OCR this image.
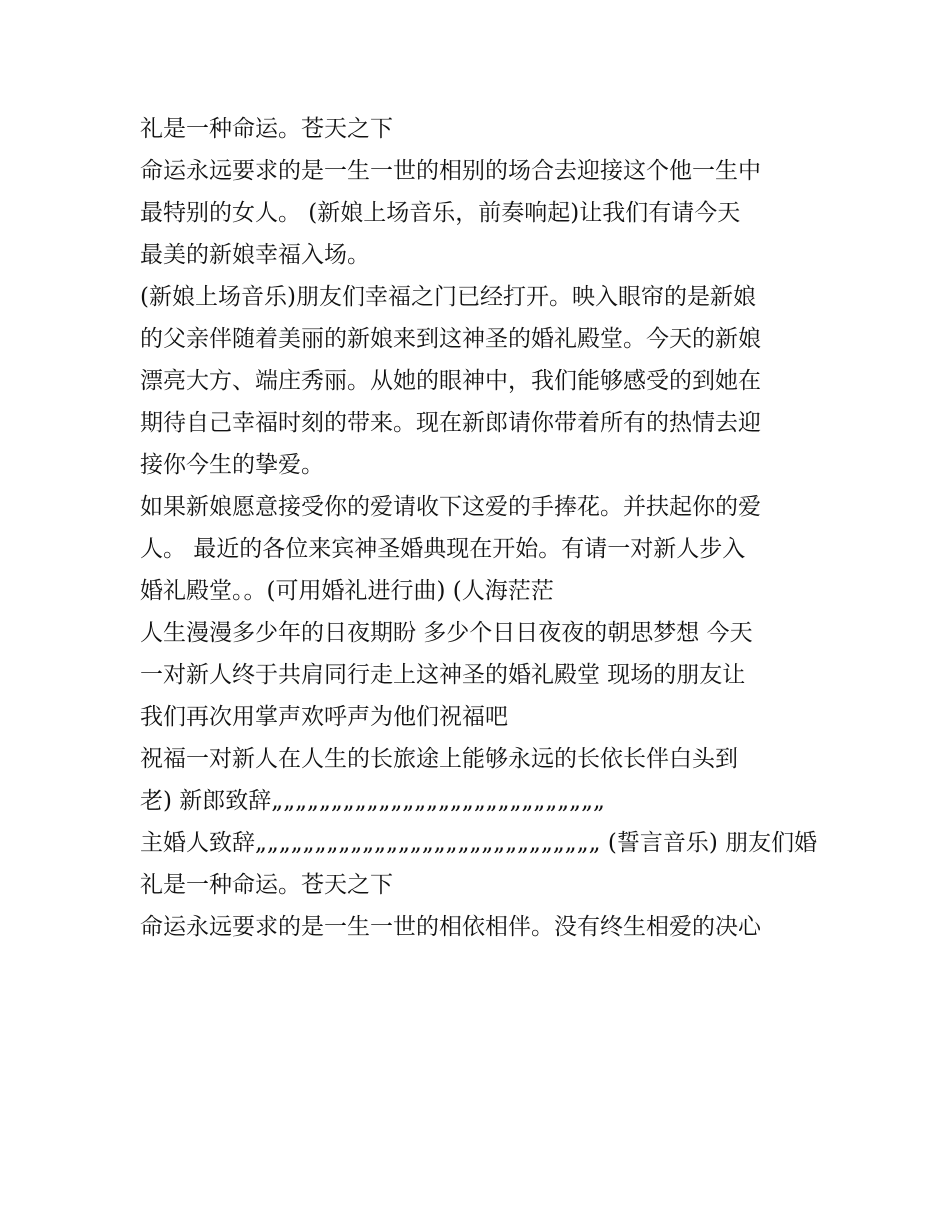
礼是一种命运。苍天之下
命运永远要求的是一生一世的相别的场合去迎接这个他一生中
最特别的女人。 (新娘上场音乐，前奏响起)让我们有请今天
最美的新娘幸福入场。
(新娘上场音乐)朋友们幸福之门已经打开。映入眼帘的是新娘
的父亲伴随着美丽的新娘来到这神圣的婚礼殿堂。今天的新娘
漂亮大方、端庄秀丽。从她的眼神中，我们能够感受的到她在
期待自己幸福时刻的带来。现在新郎请你带着所有的热情去迎
接你今生的挚爱。
如果新娘愿意接受你的爱请收下这爱的手捧花。并扶起你的爱
人。 最近的各位来宾神圣婚典现在开始。有请一对新人步入
婚礼殿堂。。(可用婚礼进行曲) (人海茫茫
人生漫漫多少年的日夜期盼 多少个日日夜夜的朝思梦想 今天
一对新人终于共肩同行走上这神圣的婚礼殿堂 现场的朋友让
我们再次用掌声欢呼声为他们祝福吧
祝福一对新人在人生的长旅途上能够永远的长依长伴白头到
老) 新郎致辞„„„„„„„„„„„„„„„„„„„„„„„„„„„„
主婚人致辞„„„„„„„„„„„„„„„„„„„„„„„„„„„„„ (誓言音乐) 朋友们婚
礼是一种命运。苍天之下
命运永远要求的是一生一世的相依相伴。没有终生相爱的决心
